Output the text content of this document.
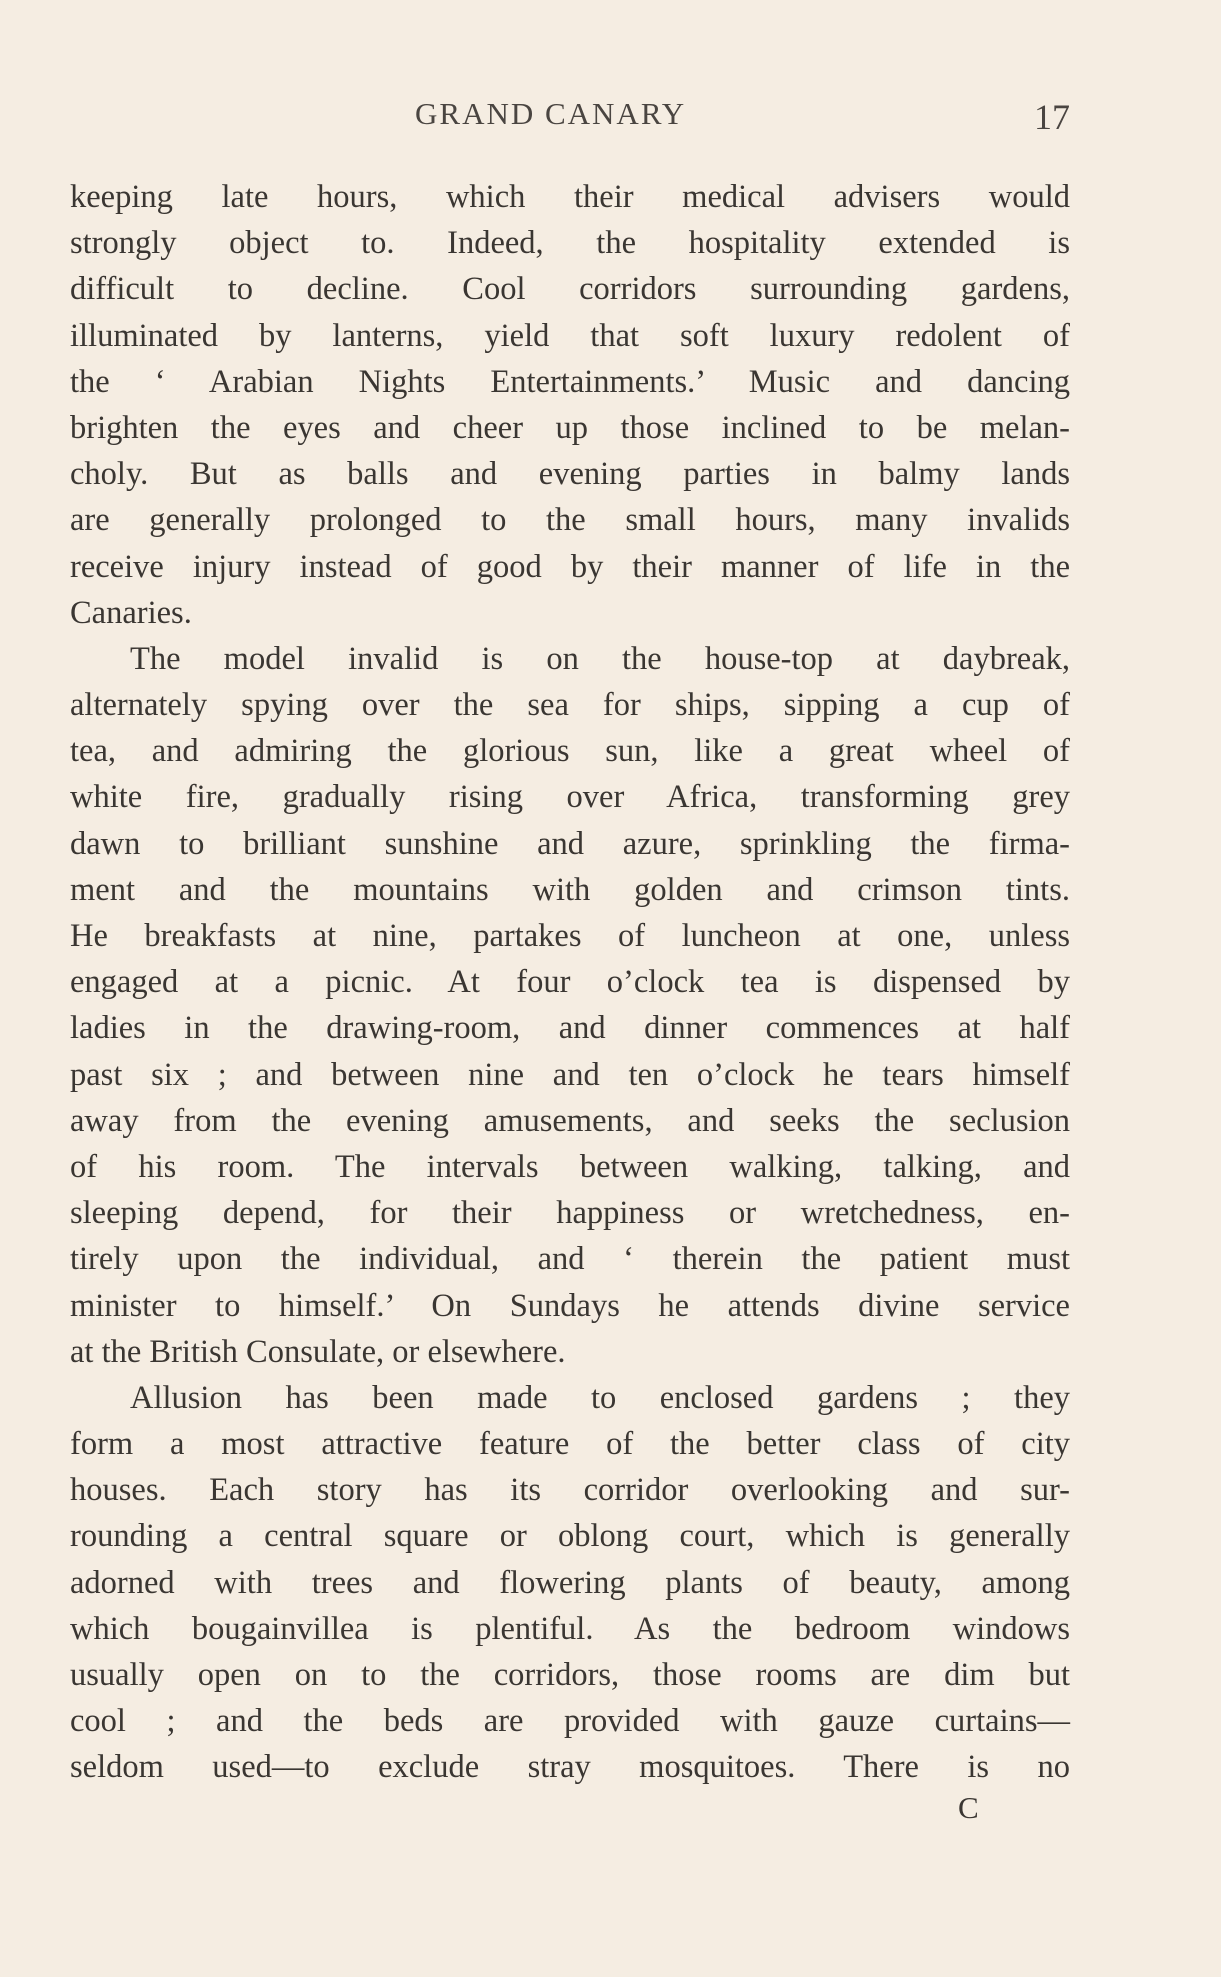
GRAND CANARY	17
keeping late hours, which their medical advisers would
strongly object to. Indeed, the hospitality extended is
difficult to decline. Cool corridors surrounding gardens,
illuminated by lanterns, yield that soft luxury redolent of
the ‘ Arabian Nights Entertainments.’ Music and dancing
brighten the eyes and cheer up those inclined to be melan-
choly. But as balls and evening parties in balmy lands
are generally prolonged to the small hours, many invalids
receive injury instead of good by their manner of life in the
Canaries.
The model invalid is on the house-top at daybreak,
alternately spying over the sea for ships, sipping a cup of
tea, and admiring the glorious sun, like a great wheel of
white fire, gradually rising over Africa, transforming grey
dawn to brilliant sunshine and azure, sprinkling the firma-
ment and the mountains with golden and crimson tints.
He breakfasts at nine, partakes of luncheon at one, unless
engaged at a picnic. At four o’clock tea is dispensed by
ladies in the drawing-room, and dinner commences at half
past six ; and between nine and ten o’clock he tears himself
away from the evening amusements, and seeks the seclusion
of his room. The intervals between walking, talking, and
sleeping depend, for their happiness or wretchedness, en-
tirely upon the individual, and ‘ therein the patient must
minister to himself.’ On Sundays he attends divine service
at the British Consulate, or elsewhere.
Allusion has been made to enclosed gardens ; they
form a most attractive feature of the better class of city
houses. Each story has its corridor overlooking and sur-
rounding a central square or oblong court, which is generally
adorned with trees and flowering plants of beauty, among
which bougainvillea is plentiful. As the bedroom windows
usually open on to the corridors, those rooms are dim but
cool ; and the beds are provided with gauze curtains—
seldom used—to exclude stray mosquitoes. There is no
C
